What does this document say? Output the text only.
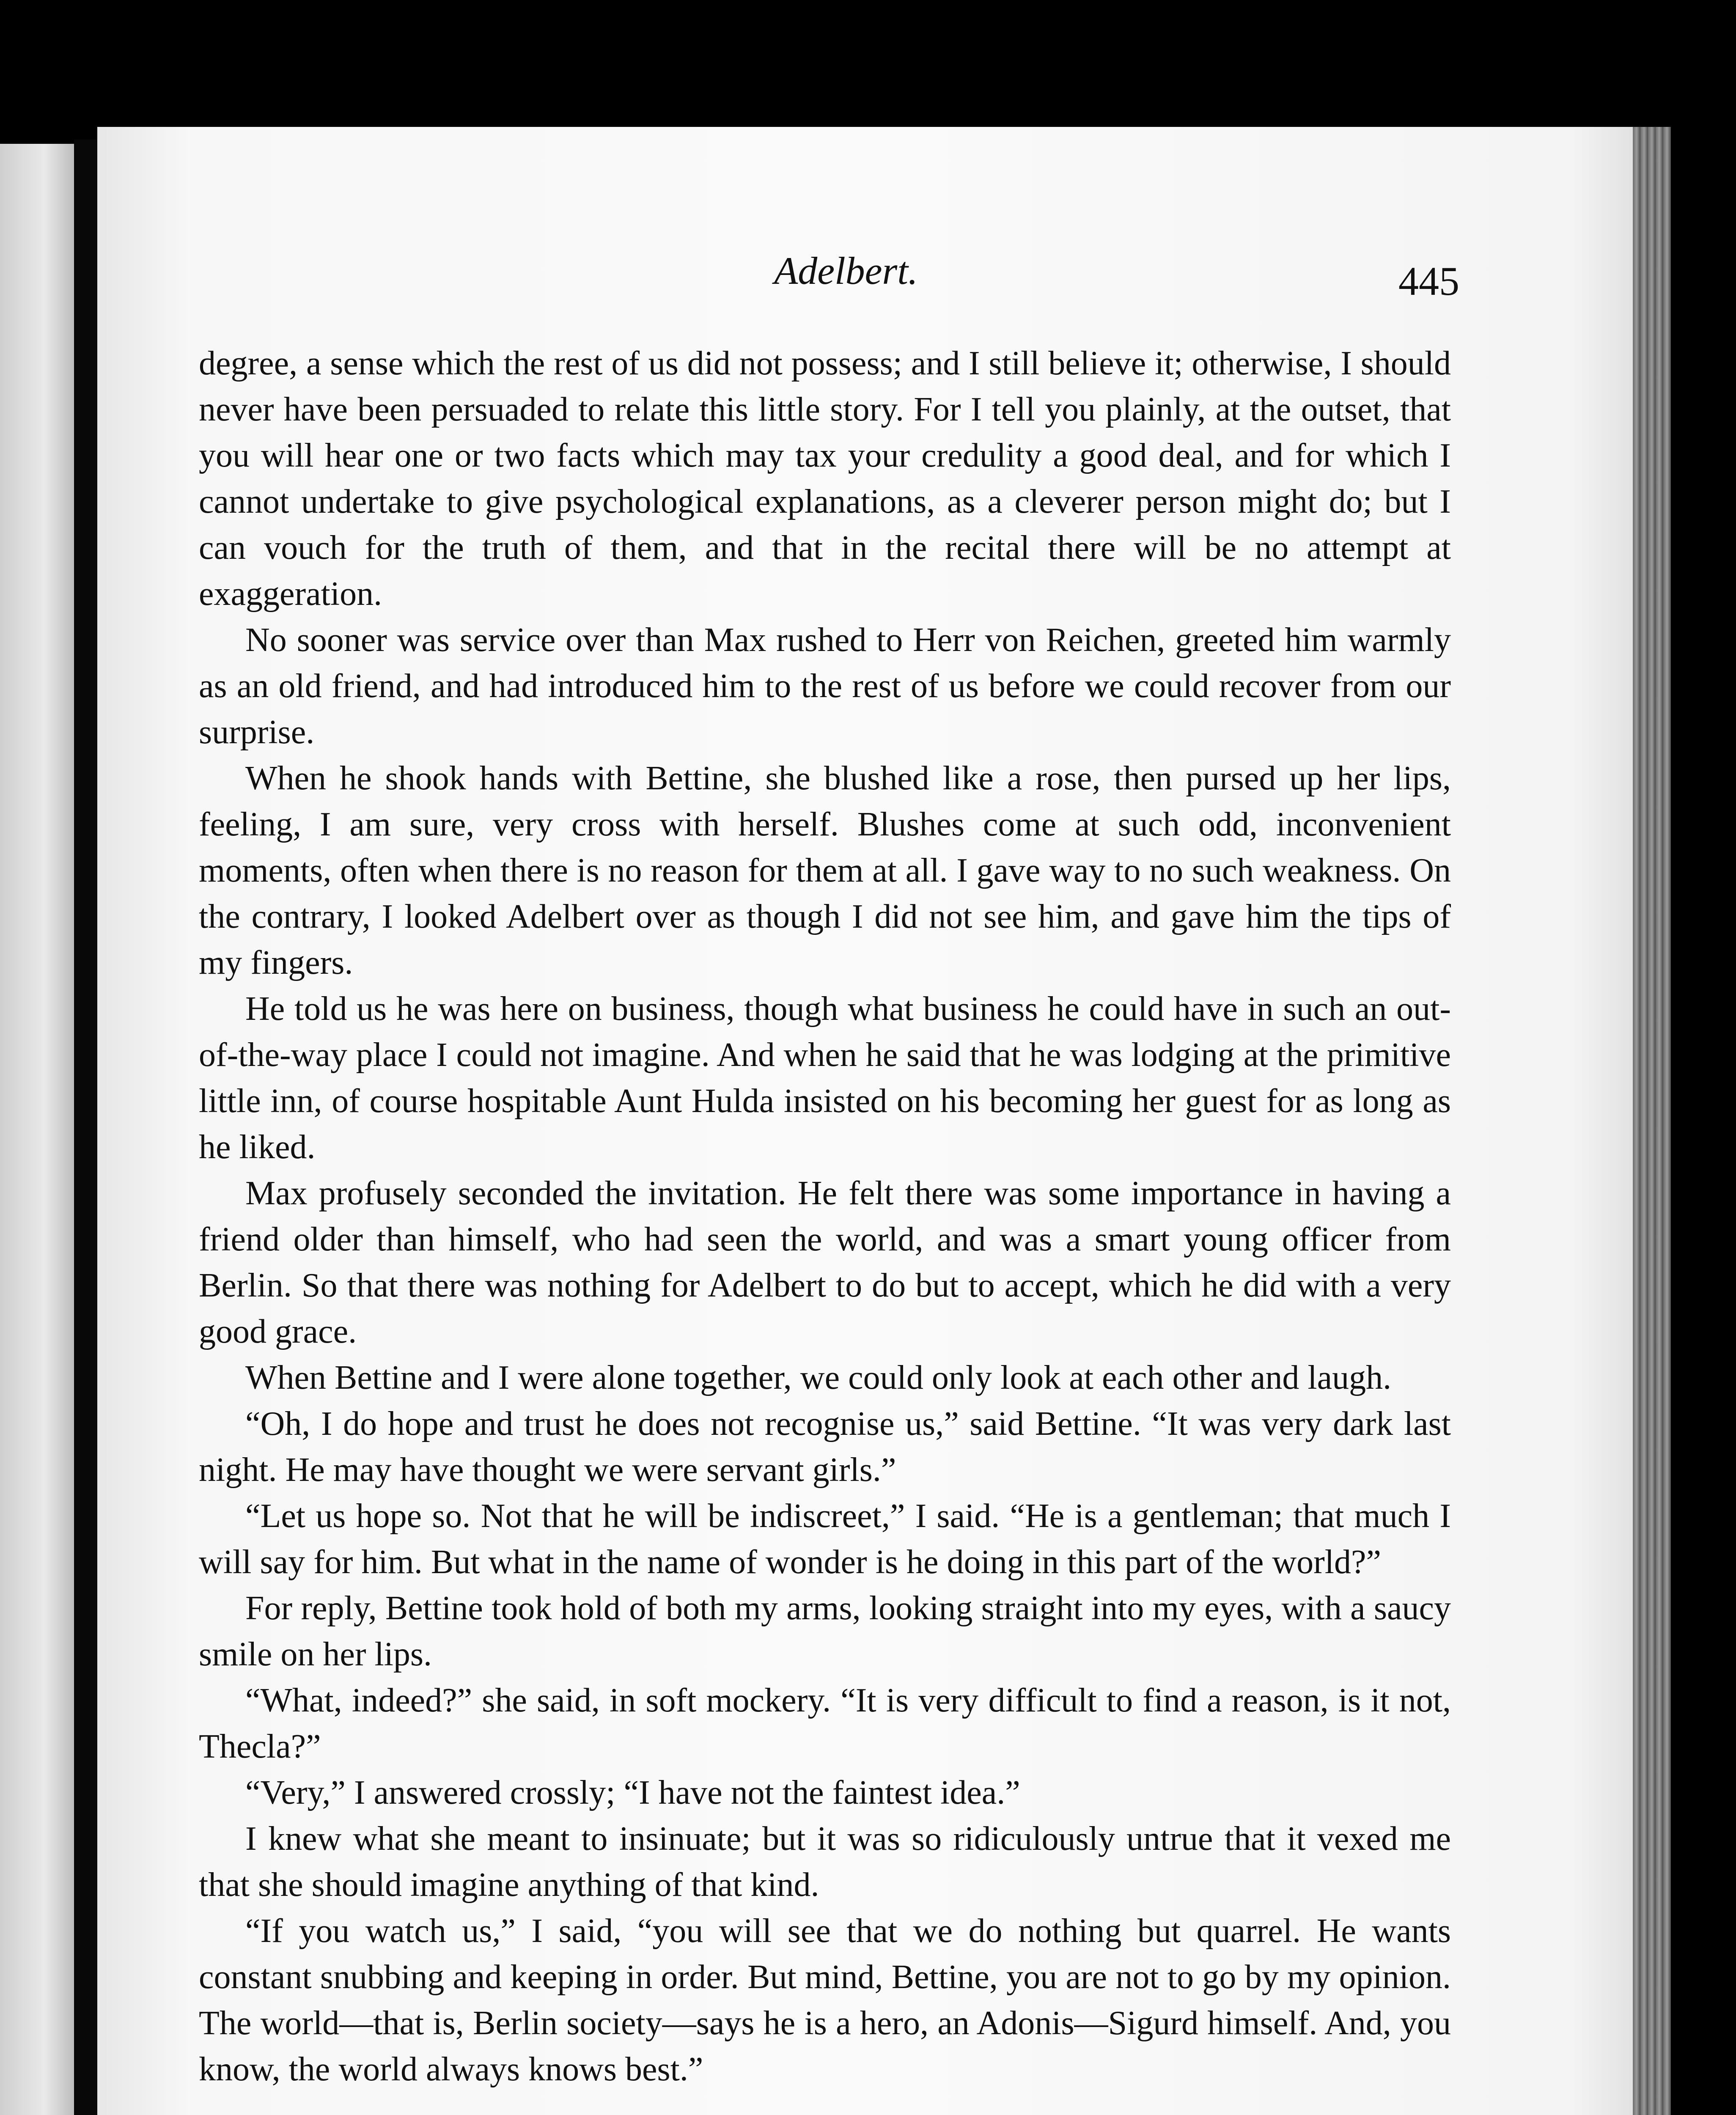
Adelbert.	445

degree, a sense which the rest of us did not possess; and I still believe it; otherwise, I should never have been persuaded to relate this little story. For I tell you plainly, at the outset, that you will hear one or two facts which may tax your credulity a good deal, and for which I cannot undertake to give psychological explanations, as a cleverer person might do; but I can vouch for the truth of them, and that in the recital there will be no attempt at exaggeration.

No sooner was service over than Max rushed to Herr von Reichen, greeted him warmly as an old friend, and had introduced him to the rest of us before we could recover from our surprise.

When he shook hands with Bettine, she blushed like a rose, then pursed up her lips, feeling, I am sure, very cross with herself. Blushes come at such odd, inconvenient moments, often when there is no reason for them at all. I gave way to no such weakness. On the contrary, I looked Adelbert over as though I did not see him, and gave him the tips of my fingers.

He told us he was here on business, though what business he could have in such an out-of-the-way place I could not imagine. And when he said that he was lodging at the primitive little inn, of course hospitable Aunt Hulda insisted on his becoming her guest for as long as he liked.

Max profusely seconded the invitation. He felt there was some importance in having a friend older than himself, who had seen the world, and was a smart young officer from Berlin. So that there was nothing for Adelbert to do but to accept, which he did with a very good grace.

When Bettine and I were alone together, we could only look at each other and laugh.

“Oh, I do hope and trust he does not recognise us,” said Bettine. “It was very dark last night. He may have thought we were servant girls.”

“Let us hope so. Not that he will be indiscreet,” I said. “He is a gentleman; that much I will say for him. But what in the name of wonder is he doing in this part of the world?”

For reply, Bettine took hold of both my arms, looking straight into my eyes, with a saucy smile on her lips.

“What, indeed?” she said, in soft mockery. “It is very difficult to find a reason, is it not, Thecla?”

“Very,” I answered crossly; “I have not the faintest idea.”

I knew what she meant to insinuate; but it was so ridiculously untrue that it vexed me that she should imagine anything of that kind.

“If you watch us,” I said, “you will see that we do nothing but quarrel. He wants constant snubbing and keeping in order. But mind, Bettine, you are not to go by my opinion. The world—that is, Berlin society—says he is a hero, an Adonis—Sigurd himself. And, you know, the world always knows best.”
